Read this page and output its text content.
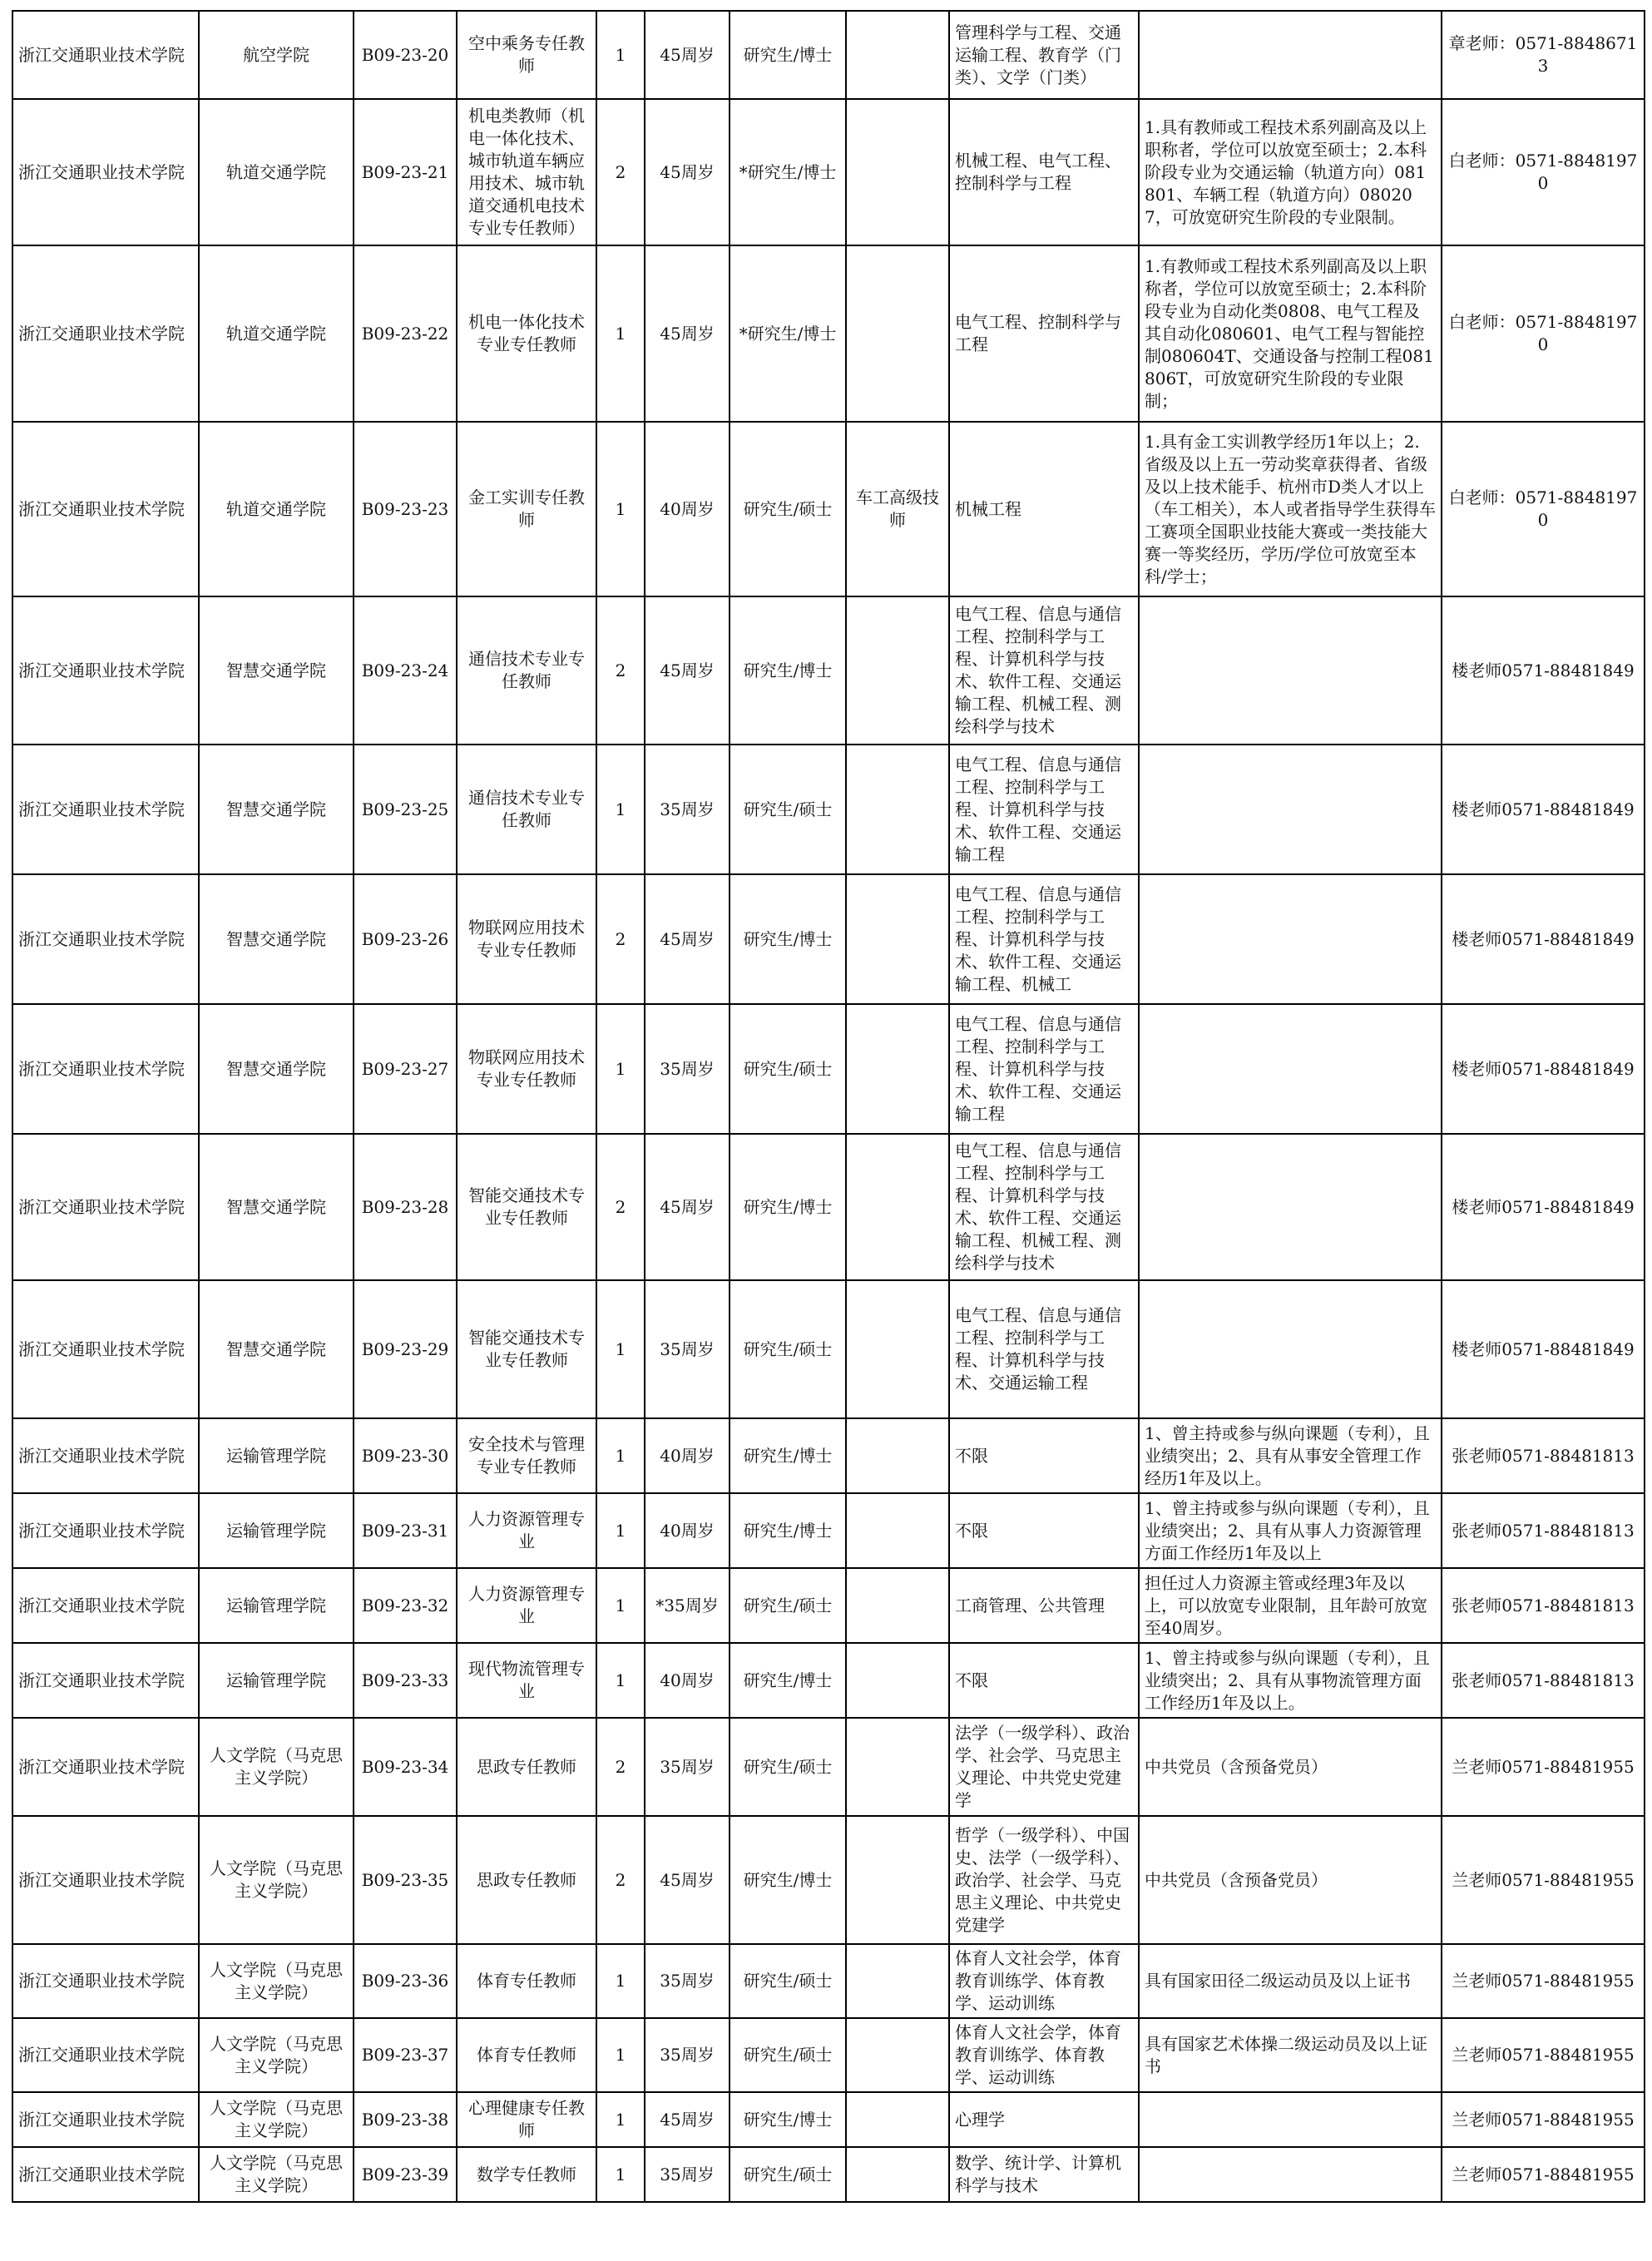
浙江交通职业技术学院	航空学院	B09-23-20	空中乘务专任教师	1	45周岁	研究生/博士		管理科学与工程、交通运输工程、教育学（门类）、文学（门类）		章老师：0571-88486713

浙江交通职业技术学院	轨道交通学院	B09-23-21	机电类教师（机电一体化技术、城市轨道车辆应用技术、城市轨道交通机电技术专业专任教师）	2	45周岁	*研究生/博士		机械工程、电气工程、控制科学与工程	1.具有教师或工程技术系列副高及以上职称者，学位可以放宽至硕士；2.本科阶段专业为交通运输（轨道方向）081801、车辆工程（轨道方向）080207，可放宽研究生阶段的专业限制。	白老师：0571-88481970

浙江交通职业技术学院	轨道交通学院	B09-23-22	机电一体化技术专业专任教师	1	45周岁	*研究生/博士		电气工程、控制科学与工程	1.有教师或工程技术系列副高及以上职称者，学位可以放宽至硕士；2.本科阶段专业为自动化类0808、电气工程及其自动化080601、电气工程与智能控制080604T、交通设备与控制工程081806T，可放宽研究生阶段的专业限制；	白老师：0571-88481970

浙江交通职业技术学院	轨道交通学院	B09-23-23	金工实训专任教师	1	40周岁	研究生/硕士	车工高级技师	机械工程	1.具有金工实训教学经历1年以上；2.省级及以上五一劳动奖章获得者、省级及以上技术能手、杭州市D类人才以上（车工相关），本人或者指导学生获得车工赛项全国职业技能大赛或一类技能大赛一等奖经历，学历/学位可放宽至本科/学士；	白老师：0571-88481970

浙江交通职业技术学院	智慧交通学院	B09-23-24	通信技术专业专任教师	2	45周岁	研究生/博士		电气工程、信息与通信工程、控制科学与工程、计算机科学与技术、软件工程、交通运输工程、机械工程、测绘科学与技术		楼老师0571-88481849

浙江交通职业技术学院	智慧交通学院	B09-23-25	通信技术专业专任教师	1	35周岁	研究生/硕士		电气工程、信息与通信工程、控制科学与工程、计算机科学与技术、软件工程、交通运输工程		楼老师0571-88481849

浙江交通职业技术学院	智慧交通学院	B09-23-26	物联网应用技术专业专任教师	2	45周岁	研究生/博士		电气工程、信息与通信工程、控制科学与工程、计算机科学与技术、软件工程、交通运输工程、机械工		楼老师0571-88481849

浙江交通职业技术学院	智慧交通学院	B09-23-27	物联网应用技术专业专任教师	1	35周岁	研究生/硕士		电气工程、信息与通信工程、控制科学与工程、计算机科学与技术、软件工程、交通运输工程		楼老师0571-88481849

浙江交通职业技术学院	智慧交通学院	B09-23-28	智能交通技术专业专任教师	2	45周岁	研究生/博士		电气工程、信息与通信工程、控制科学与工程、计算机科学与技术、软件工程、交通运输工程、机械工程、测绘科学与技术		楼老师0571-88481849

浙江交通职业技术学院	智慧交通学院	B09-23-29	智能交通技术专业专任教师	1	35周岁	研究生/硕士		电气工程、信息与通信工程、控制科学与工程、计算机科学与技术、交通运输工程		楼老师0571-88481849

浙江交通职业技术学院	运输管理学院	B09-23-30	安全技术与管理专业专任教师	1	40周岁	研究生/博士		不限	1、曾主持或参与纵向课题（专利），且业绩突出；2、具有从事安全管理工作经历1年及以上。	张老师0571-88481813

浙江交通职业技术学院	运输管理学院	B09-23-31	人力资源管理专业	1	40周岁	研究生/博士		不限	1、曾主持或参与纵向课题（专利），且业绩突出；2、具有从事人力资源管理方面工作经历1年及以上	张老师0571-88481813

浙江交通职业技术学院	运输管理学院	B09-23-32	人力资源管理专业	1	*35周岁	研究生/硕士		工商管理、公共管理	担任过人力资源主管或经理3年及以上，可以放宽专业限制，且年龄可放宽至40周岁。	张老师0571-88481813

浙江交通职业技术学院	运输管理学院	B09-23-33	现代物流管理专业	1	40周岁	研究生/博士		不限	1、曾主持或参与纵向课题（专利），且业绩突出；2、具有从事物流管理方面工作经历1年及以上。	张老师0571-88481813

浙江交通职业技术学院	人文学院（马克思主义学院）	B09-23-34	思政专任教师	2	35周岁	研究生/硕士		法学（一级学科）、政治学、社会学、马克思主义理论、中共党史党建学	中共党员（含预备党员）	兰老师0571-88481955

浙江交通职业技术学院	人文学院（马克思主义学院）	B09-23-35	思政专任教师	2	45周岁	研究生/博士		哲学（一级学科）、中国史、法学（一级学科）、政治学、社会学、马克思主义理论、中共党史党建学	中共党员（含预备党员）	兰老师0571-88481955

浙江交通职业技术学院	人文学院（马克思主义学院）	B09-23-36	体育专任教师	1	35周岁	研究生/硕士		体育人文社会学，体育教育训练学、体育教学、运动训练	具有国家田径二级运动员及以上证书	兰老师0571-88481955

浙江交通职业技术学院	人文学院（马克思主义学院）	B09-23-37	体育专任教师	1	35周岁	研究生/硕士		体育人文社会学，体育教育训练学、体育教学、运动训练	具有国家艺术体操二级运动员及以上证书	兰老师0571-88481955

浙江交通职业技术学院	人文学院（马克思主义学院）	B09-23-38	心理健康专任教师	1	45周岁	研究生/博士		心理学		兰老师0571-88481955

浙江交通职业技术学院	人文学院（马克思主义学院）	B09-23-39	数学专任教师	1	35周岁	研究生/硕士		数学、统计学、计算机科学与技术		兰老师0571-88481955
